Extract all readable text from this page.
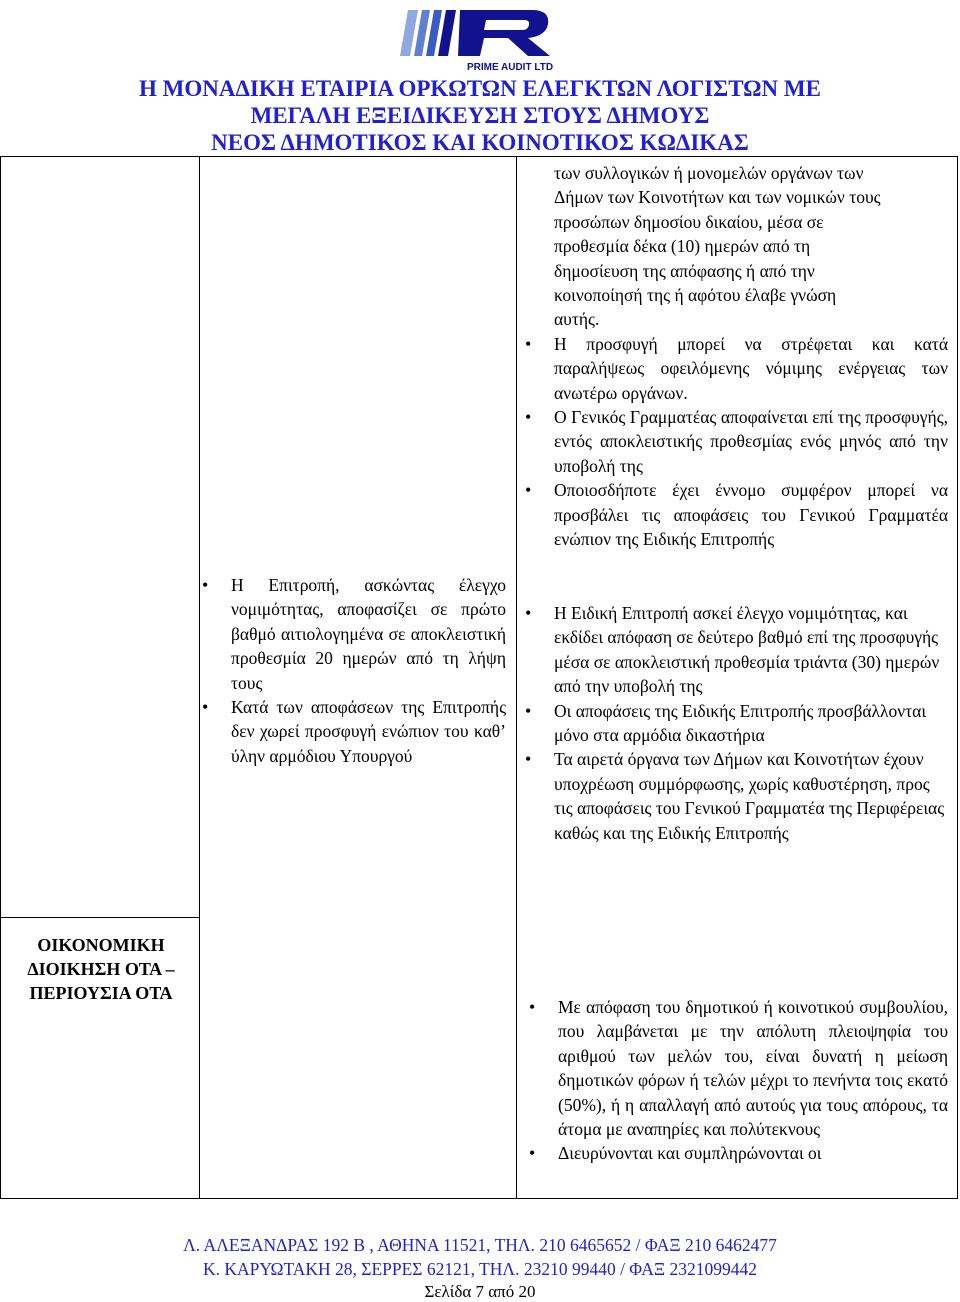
PRIME AUDIT LTD

Η ΜΟΝΑΔΙΚΗ ΕΤΑΙΡΙΑ ΟΡΚΩΤΩΝ ΕΛΕΓΚΤΩΝ ΛΟΓΙΣΤΩΝ ΜΕ

ΜΕΓΑΛΗ ΕΞΕΙΔΙΚΕΥΣΗ ΣΤΟΥΣ ΔΗΜΟΥΣ

ΝΕΟΣ ΔΗΜΟΤΙΚΟΣ ΚΑΙ ΚΟΙΝΟΤΙΚΟΣ ΚΩΔΙΚΑΣ

των συλλογικών ή μονομελών οργάνων των
Δήμων των Κοινοτήτων και των νομικών τους
προσώπων δημοσίου δικαίου, μέσα σε
προθεσμία δέκα (10) ημερών από τη
δημοσίευση της απόφασης ή από την
κοινοποίησή της ή αφότου έλαβε γνώση
αυτής.
• Η προσφυγή μπορεί να στρέφεται και κατά παραλήψεως οφειλόμενης νόμιμης ενέργειας των ανωτέρω οργάνων.
• Ο Γενικός Γραμματέας αποφαίνεται επί της προσφυγής, εντός αποκλειστικής προθεσμίας ενός μηνός από την υποβολή της
• Οποιοσδήποτε έχει έννομο συμφέρον μπορεί να προσβάλει τις αποφάσεις του Γενικού Γραμματέα ενώπιον της Ειδικής Επιτροπής
• Η Επιτροπή, ασκώντας έλεγχο νομιμότητας, αποφασίζει σε πρώτο βαθμό αιτιολογημένα σε αποκλειστική προθεσμία 20 ημερών από τη λήψη τους
• Κατά των αποφάσεων της Επιτροπής δεν χωρεί προσφυγή ενώπιον του καθ’ ύλην αρμόδιου Υπουργού
• Η Ειδική Επιτροπή ασκεί έλεγχο νομιμότητας, και εκδίδει απόφαση σε δεύτερο βαθμό επί της προσφυγής μέσα σε αποκλειστική προθεσμία τριάντα (30) ημερών από την υποβολή της
• Οι αποφάσεις της Ειδικής Επιτροπής προσβάλλονται μόνο στα αρμόδια δικαστήρια
• Τα αιρετά όργανα των Δήμων και Κοινοτήτων έχουν υποχρέωση συμμόρφωσης, χωρίς καθυστέρηση, προς τις αποφάσεις του Γενικού Γραμματέα της Περιφέρειας καθώς και της Ειδικής Επιτροπής

ΟΙΚΟΝΟΜΙΚΗ ΔΙΟΙΚΗΣΗ ΟΤΑ – ΠΕΡΙΟΥΣΙΑ ΟΤΑ

• Με απόφαση του δημοτικού ή κοινοτικού συμβουλίου, που λαμβάνεται με την απόλυτη πλειοψηφία του αριθμού των μελών του, είναι δυνατή η μείωση δημοτικών φόρων ή τελών μέχρι το πενήντα τοις εκατό (50%), ή η απαλλαγή από αυτούς για τους απόρους, τα άτομα με αναπηρίες και πολύτεκνους
• Διευρύνονται και συμπληρώνονται οι

Λ. ΑΛΕΞΑΝΔΡΑΣ 192 Β , ΑΘΗΝΑ 11521, ΤΗΛ. 210 6465652 / ΦΑΞ 210 6462477

Κ. ΚΑΡΥΩΤΑΚΗ 28, ΣΕΡΡΕΣ 62121, ΤΗΛ. 23210 99440 / ΦΑΞ 2321099442

Σελίδα 7 από 20
